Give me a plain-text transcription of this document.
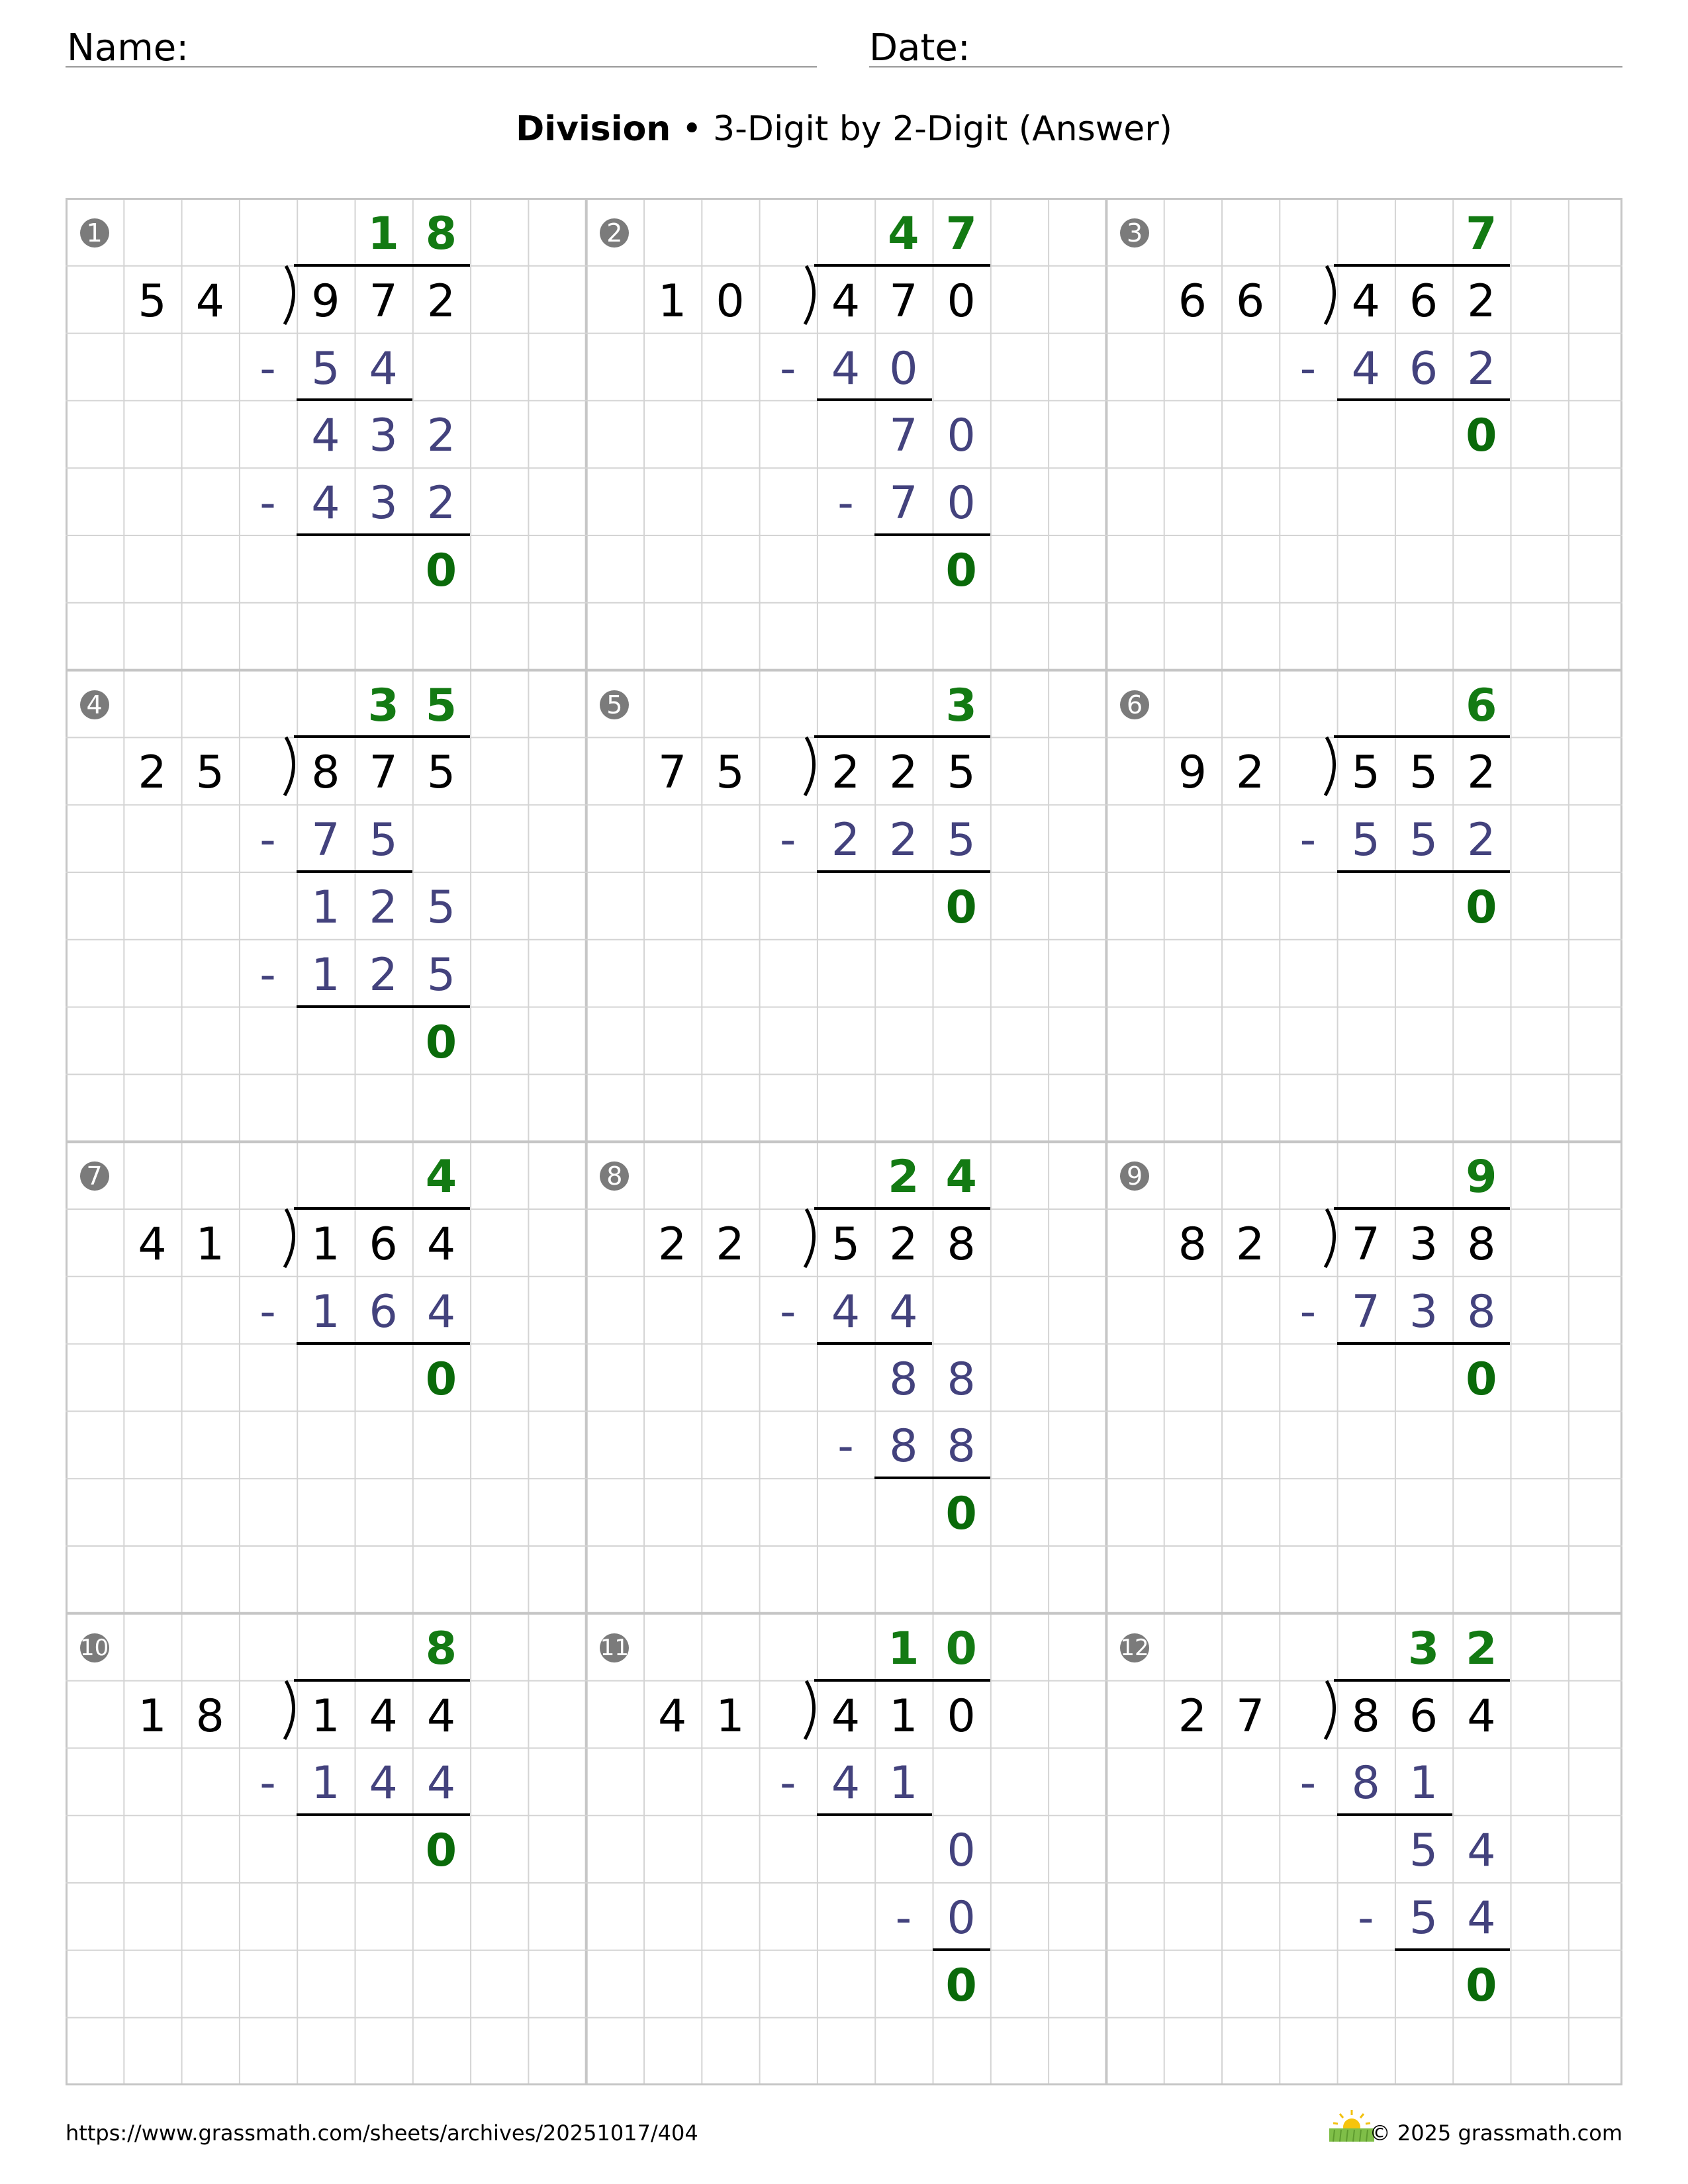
Name:	Date:
Division • 3-Digit by 2-Digit (Answer)
1	1 8
5 4	9 7 2
5 4
-
4 3 2
4 3 2
-
0
2	4 7
1 0	4 7 0
4 0
-
7 0
7 0
-
0
3	7
6 6	4 6 2
4 6 2
-
0
4	3 5
2 5	8 7 5
7 5
-
1 2 5
1 2 5
-
0
5	3
7 5	2 2 5
2 2 5
-
0
6	6
9 2	5 5 2
5 5 2
-
0
7	4
4 1	1 6 4
1 6 4
-
0
8	2 4
2 2	5 2 8
4 4
-
8 8
8 8
-
0
9	9
8 2	7 3 8
7 3 8
-
0
10	8
1 8	1 4 4
1 4 4
-
0
11	1 0
4 1	4 1 0
4 1
-
0
0
-
0
12	3 2
2 7	8 6 4
8 1
-
5 4
5 4
-
0
https://www.grassmath.com/sheets/archives/20251017/404	© 2025 grassmath.com
